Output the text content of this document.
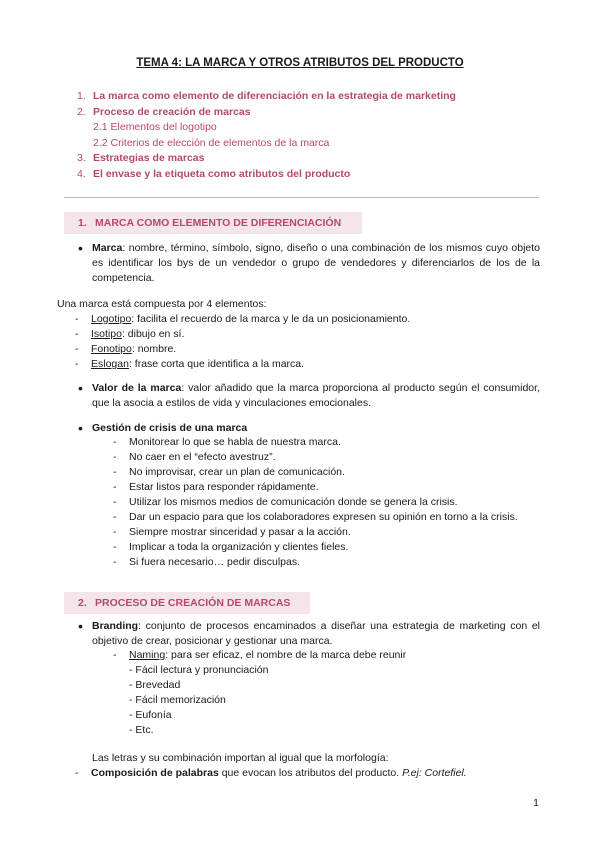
TEMA 4: LA MARCA Y OTROS ATRIBUTOS DEL PRODUCTO
1. La marca como elemento de diferenciación en la estrategia de marketing
2. Proceso de creación de marcas
2.1 Elementos del logotipo
2.2 Criterios de elección de elementos de la marca
3. Estrategias de marcas
4. El envase y la etiqueta como atributos del producto
1. MARCA COMO ELEMENTO DE DIFERENCIACIÓN
• Marca: nombre, término, símbolo, signo, diseño o una combinación de los mismos cuyo objeto es identificar los bys de un vendedor o grupo de vendedores y diferenciarlos de los de la competencia.
Una marca está compuesta por 4 elementos:
- Logotipo: facilita el recuerdo de la marca y le da un posicionamiento.
- Isotipo: dibujo en sí.
- Fonotipo: nombre.
- Eslogan: frase corta que identifica a la marca.
• Valor de la marca: valor añadido que la marca proporciona al producto según el consumidor, que la asocia a estilos de vida y vinculaciones emocionales.
• Gestión de crisis de una marca
- Monitorear lo que se habla de nuestra marca.
- No caer en el “efecto avestruz”.
- No improvisar, crear un plan de comunicación.
- Estar listos para responder rápidamente.
- Utilizar los mismos medios de comunicación donde se genera la crisis.
- Dar un espacio para que los colaboradores expresen su opinión en torno a la crisis.
- Siempre mostrar sinceridad y pasar a la acción.
- Implicar a toda la organización y clientes fieles.
- Si fuera necesario… pedir disculpas.
2. PROCESO DE CREACIÓN DE MARCAS
• Branding: conjunto de procesos encaminados a diseñar una estrategia de marketing con el objetivo de crear, posicionar y gestionar una marca.
- Naming: para ser eficaz, el nombre de la marca debe reunir
- Fácil lectura y pronunciación
- Brevedad
- Fácil memorización
- Eufonía
- Etc.
Las letras y su combinación importan al igual que la morfología:
- Composición de palabras que evocan los atributos del producto. P.ej: Cortefiel.
1
